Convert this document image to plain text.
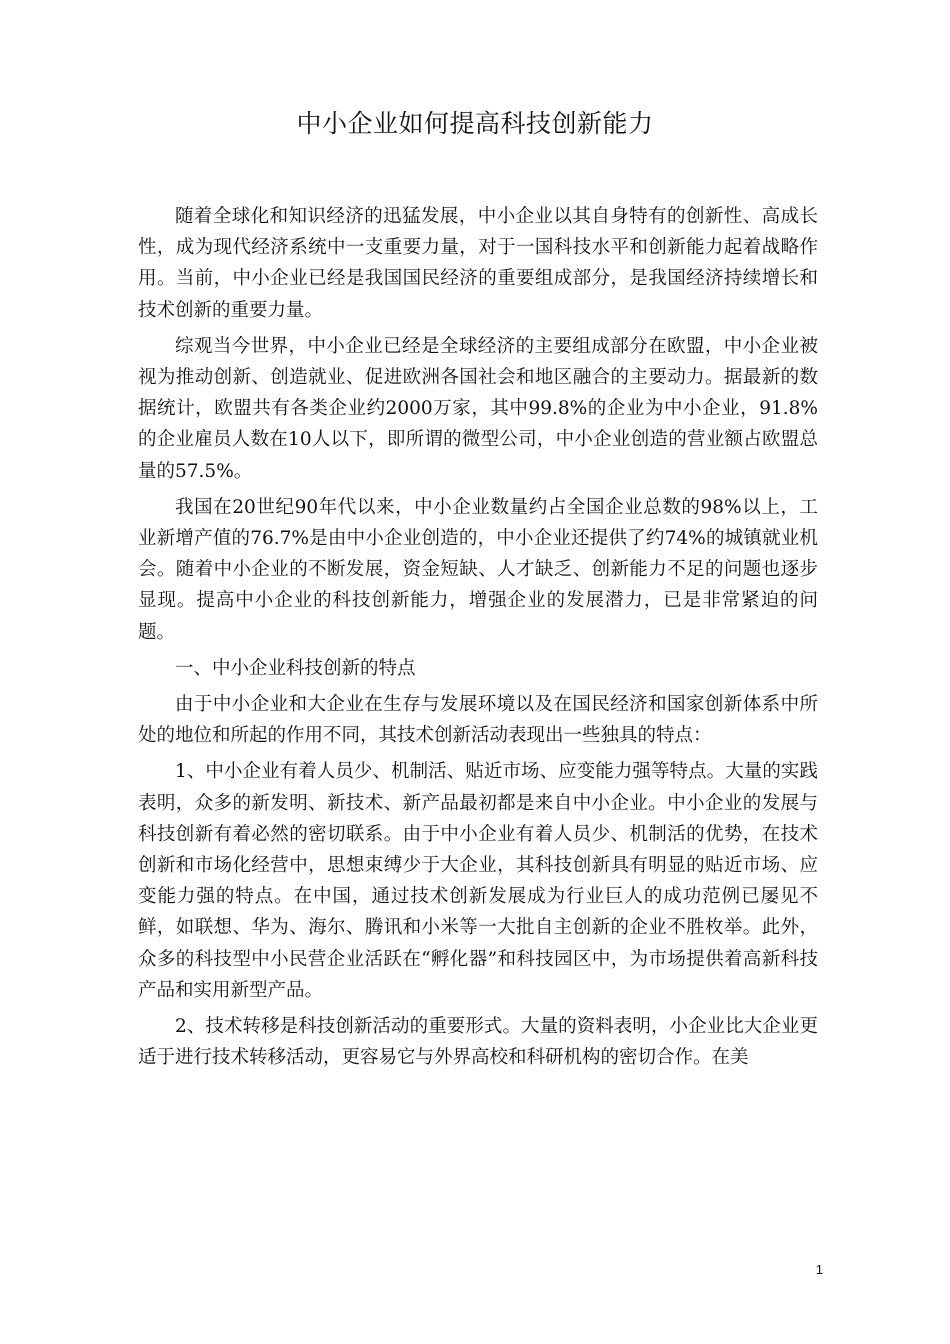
中小企业如何提高科技创新能力

随着全球化和知识经济的迅猛发展，中小企业以其自身特有的创新性、高成长性，成为现代经济系统中一支重要力量，对于一国科技水平和创新能力起着战略作用。当前，中小企业已经是我国国民经济的重要组成部分，是我国经济持续增长和技术创新的重要力量。

综观当今世界，中小企业已经是全球经济的主要组成部分在欧盟，中小企业被视为推动创新、创造就业、促进欧洲各国社会和地区融合的主要动力。据最新的数据统计，欧盟共有各类企业约2000万家，其中99.8%的企业为中小企业，91.8%的企业雇员人数在10人以下，即所谓的微型公司，中小企业创造的营业额占欧盟总量的57.5%。

我国在20世纪90年代以来，中小企业数量约占全国企业总数的98%以上，工业新增产值的76.7%是由中小企业创造的，中小企业还提供了约74%的城镇就业机会。随着中小企业的不断发展，资金短缺、人才缺乏、创新能力不足的问题也逐步显现。提高中小企业的科技创新能力，增强企业的发展潜力，已是非常紧迫的问题。

一、中小企业科技创新的特点

由于中小企业和大企业在生存与发展环境以及在国民经济和国家创新体系中所处的地位和所起的作用不同，其技术创新活动表现出一些独具的特点：

1、中小企业有着人员少、机制活、贴近市场、应变能力强等特点。大量的实践表明，众多的新发明、新技术、新产品最初都是来自中小企业。中小企业的发展与科技创新有着必然的密切联系。由于中小企业有着人员少、机制活的优势，在技术创新和市场化经营中，思想束缚少于大企业，其科技创新具有明显的贴近市场、应变能力强的特点。在中国，通过技术创新发展成为行业巨人的成功范例已屡见不鲜，如联想、华为、海尔、腾讯和小米等一大批自主创新的企业不胜枚举。此外，众多的科技型中小民营企业活跃在“孵化器”和科技园区中，为市场提供着高新科技产品和实用新型产品。

2、技术转移是科技创新活动的重要形式。大量的资料表明，小企业比大企业更适于进行技术转移活动，更容易它与外界高校和科研机构的密切合作。在美

1
